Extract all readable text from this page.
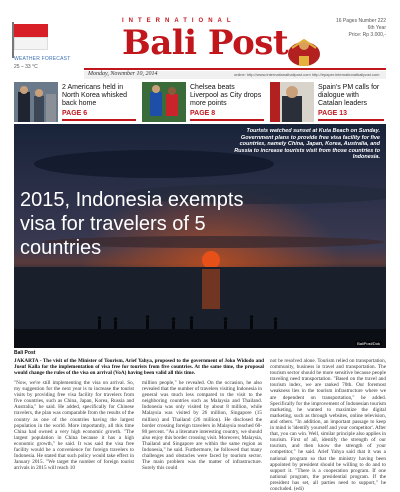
WEATHER FORECAST
25 – 33 °C
INTERNATIONAL
Bali Post
16 Pages Number 222
6th Year
Price: Rp 3.000,-
Monday, November 10, 2014	online: http://www.internationalbalipost.com http://epaper.internationalbalipost.com
2 Americans held in North Korea whisked back home
PAGE 6
Chelsea beats Liverpool as City drops more points
PAGE 8
Spain's PM calls for dialogue with Catalan leaders
PAGE 13
Tourists watched sunset at Kuta Beach on Sunday. Government plans to provide free visa facility for five countries, namely China, Japan, Korea, Australia, and Russia to increase tourists visit from those countries to Indonesia.
2015, Indonesia exempts visa for travelers of 5 countries
BaliPost/Dok
Bali Post
JAKARTA - The visit of the Minister of Tourism, Arief Yahya, proposed to the government of Joko Widodo and Jusuf Kalla for the implementation of visa free for tourists from five countries. At the same time, the proposal would change the rules of the visa on arrival (VoA) having been valid all this time.
"Now, we're still implementing the visa on arrival. So, my suggestion for the next year is to increase the tourist visits by providing free visa facility for travelers from five countries, such as China, Japan, Korea, Russia and Australia," he said. He added, specifically for Chinese travelers, the plan was comparable from the results of the country as one of the countries having the largest population in the world. More importantly, all this time China had owned a very high economic growth. "The largest population in China because it has a high economic growth," he said. It was said the visa free facility would be a convenience for foreign travelers to Indonesia. He stated that such policy would take effect in January 2015. "We target the number of foreign tourist arrivals in 2015 will reach 10
million people," he revealed. On the occasion, he also revealed that the number of travelers visiting Indonesia in general was much less compared to the visit to the neighboring countries such as Malaysia and Thailand. Indonesia was only visited by about 8 million, while Malaysia was visited by 26 million, Singapore (15 million) and Thailand (26 million). He disclosed the border crossing foreign travelers in Malaysia reached 60-80 percent. "As a literature interesting country, we should also enjoy this border crossing visit. Moreover, Malaysia, Thailand and Singapore are within the same region as Indonesia," he said. Furthermore, he followed that many challenges and obstacles were faced by tourism sector. The main problem was the matter of infrastructure. Surely this could
not be resolved alone. Tourism relied on transportation, community, business in travel and transportation. The tourism sector should be more sensitive because people traveling need transportation. "Based on the travel and tourism index, we are ranked 70th. Our foremost weakness lies in the tourism infrastructure where we are dependent on transportation," he added. Specifically for the improvement of Indonesian tourism marketing, he wanted to maximize the digital marketing, such as through websites, online television, and others. "In addition, an important passage to keep in mind is 'identify yourself and your competitor'. After that, you can win. Well, similar principle also applies in tourism. First of all, identify the strength of our tourism, and then know the strength of your competitor," he said. Arief Yahya said that it was a national program so that the ministry having been appointed by president should be willing to do and to support it. "There is a cooperation program. If one national program, the presidential program. If the president has set, all parties need to support," he concluded. (edi)
